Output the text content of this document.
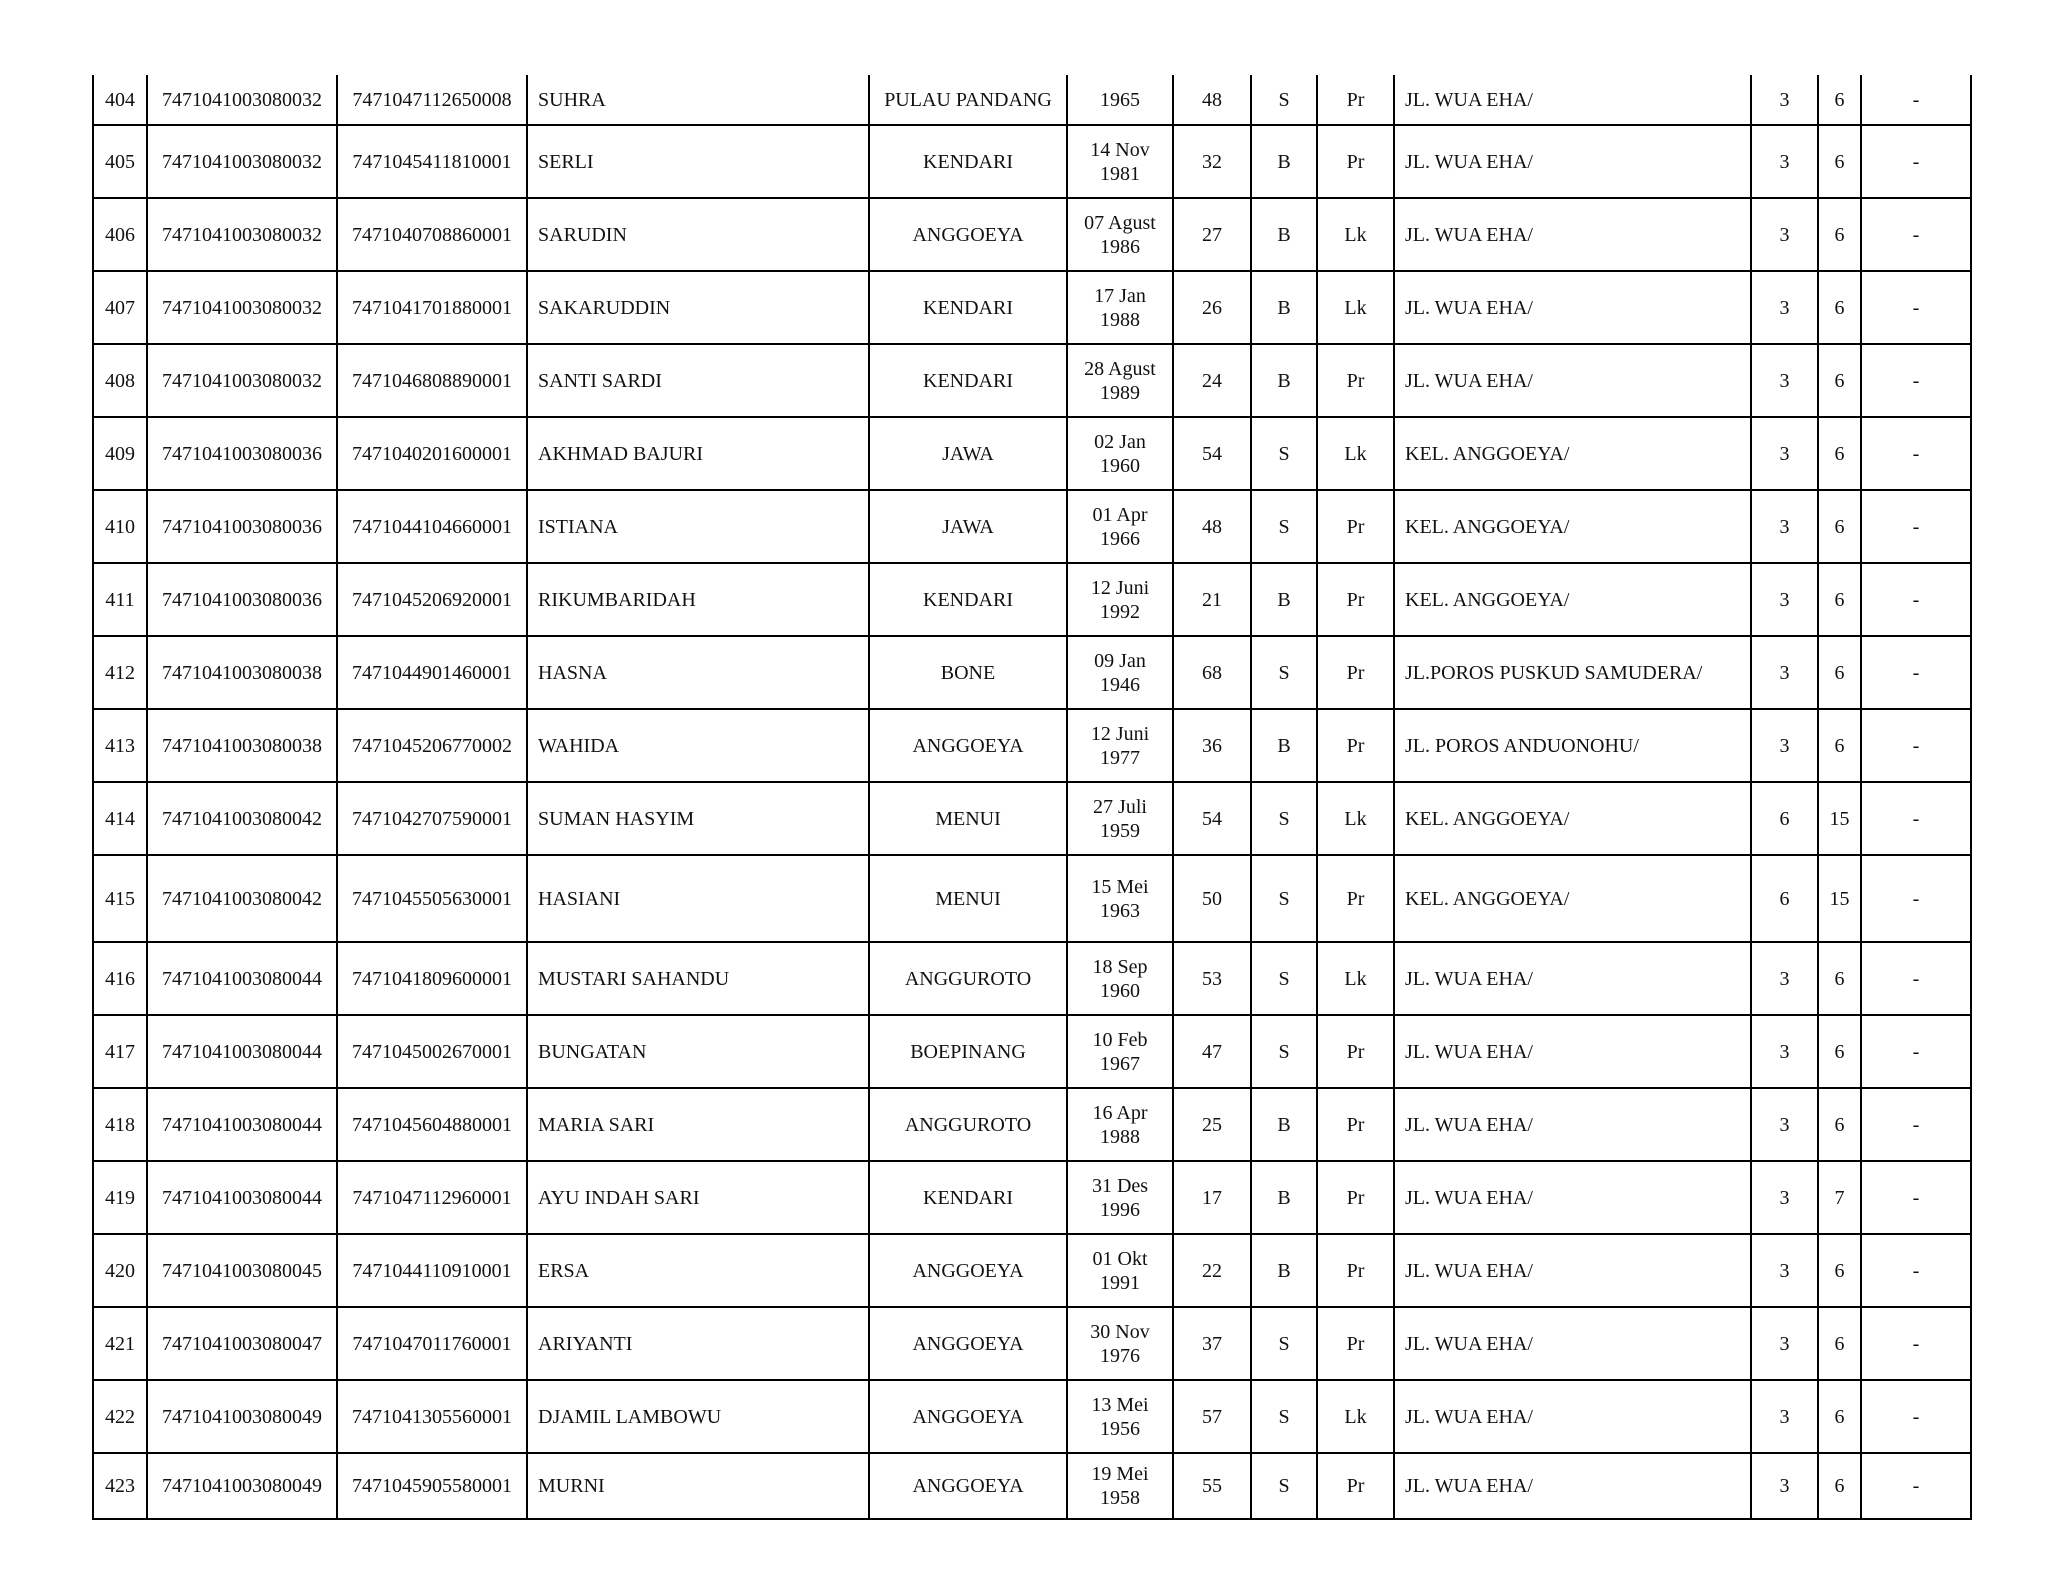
404	7471041003080032	7471047112650008	SUHRA	PULAU PANDANG	1965	48	S	Pr	JL. WUA EHA/	3	6	-
405	7471041003080032	7471045411810001	SERLI	KENDARI	14 Nov
1981	32	B	Pr	JL. WUA EHA/	3	6	-
406	7471041003080032	7471040708860001	SARUDIN	ANGGOEYA	07 Agust
1986	27	B	Lk	JL. WUA EHA/	3	6	-
407	7471041003080032	7471041701880001	SAKARUDDIN	KENDARI	17 Jan
1988	26	B	Lk	JL. WUA EHA/	3	6	-
408	7471041003080032	7471046808890001	SANTI SARDI	KENDARI	28 Agust
1989	24	B	Pr	JL. WUA EHA/	3	6	-
409	7471041003080036	7471040201600001	AKHMAD BAJURI	JAWA	02 Jan
1960	54	S	Lk	KEL. ANGGOEYA/	3	6	-
410	7471041003080036	7471044104660001	ISTIANA	JAWA	01 Apr
1966	48	S	Pr	KEL. ANGGOEYA/	3	6	-
411	7471041003080036	7471045206920001	RIKUMBARIDAH	KENDARI	12 Juni
1992	21	B	Pr	KEL. ANGGOEYA/	3	6	-
412	7471041003080038	7471044901460001	HASNA	BONE	09 Jan
1946	68	S	Pr	JL.POROS PUSKUD SAMUDERA/	3	6	-
413	7471041003080038	7471045206770002	WAHIDA	ANGGOEYA	12 Juni
1977	36	B	Pr	JL. POROS ANDUONOHU/	3	6	-
414	7471041003080042	7471042707590001	SUMAN HASYIM	MENUI	27 Juli
1959	54	S	Lk	KEL. ANGGOEYA/	6	15	-
415	7471041003080042	7471045505630001	HASIANI	MENUI	15 Mei
1963	50	S	Pr	KEL. ANGGOEYA/	6	15	-
416	7471041003080044	7471041809600001	MUSTARI SAHANDU	ANGGUROTO	18 Sep
1960	53	S	Lk	JL. WUA EHA/	3	6	-
417	7471041003080044	7471045002670001	BUNGATAN	BOEPINANG	10 Feb
1967	47	S	Pr	JL. WUA EHA/	3	6	-
418	7471041003080044	7471045604880001	MARIA SARI	ANGGUROTO	16 Apr
1988	25	B	Pr	JL. WUA EHA/	3	6	-
419	7471041003080044	7471047112960001	AYU INDAH SARI	KENDARI	31 Des
1996	17	B	Pr	JL. WUA EHA/	3	7	-
420	7471041003080045	7471044110910001	ERSA	ANGGOEYA	01 Okt
1991	22	B	Pr	JL. WUA EHA/	3	6	-
421	7471041003080047	7471047011760001	ARIYANTI	ANGGOEYA	30 Nov
1976	37	S	Pr	JL. WUA EHA/	3	6	-
422	7471041003080049	7471041305560001	DJAMIL LAMBOWU	ANGGOEYA	13 Mei
1956	57	S	Lk	JL. WUA EHA/	3	6	-
423	7471041003080049	7471045905580001	MURNI	ANGGOEYA	19 Mei
1958	55	S	Pr	JL. WUA EHA/	3	6	-
